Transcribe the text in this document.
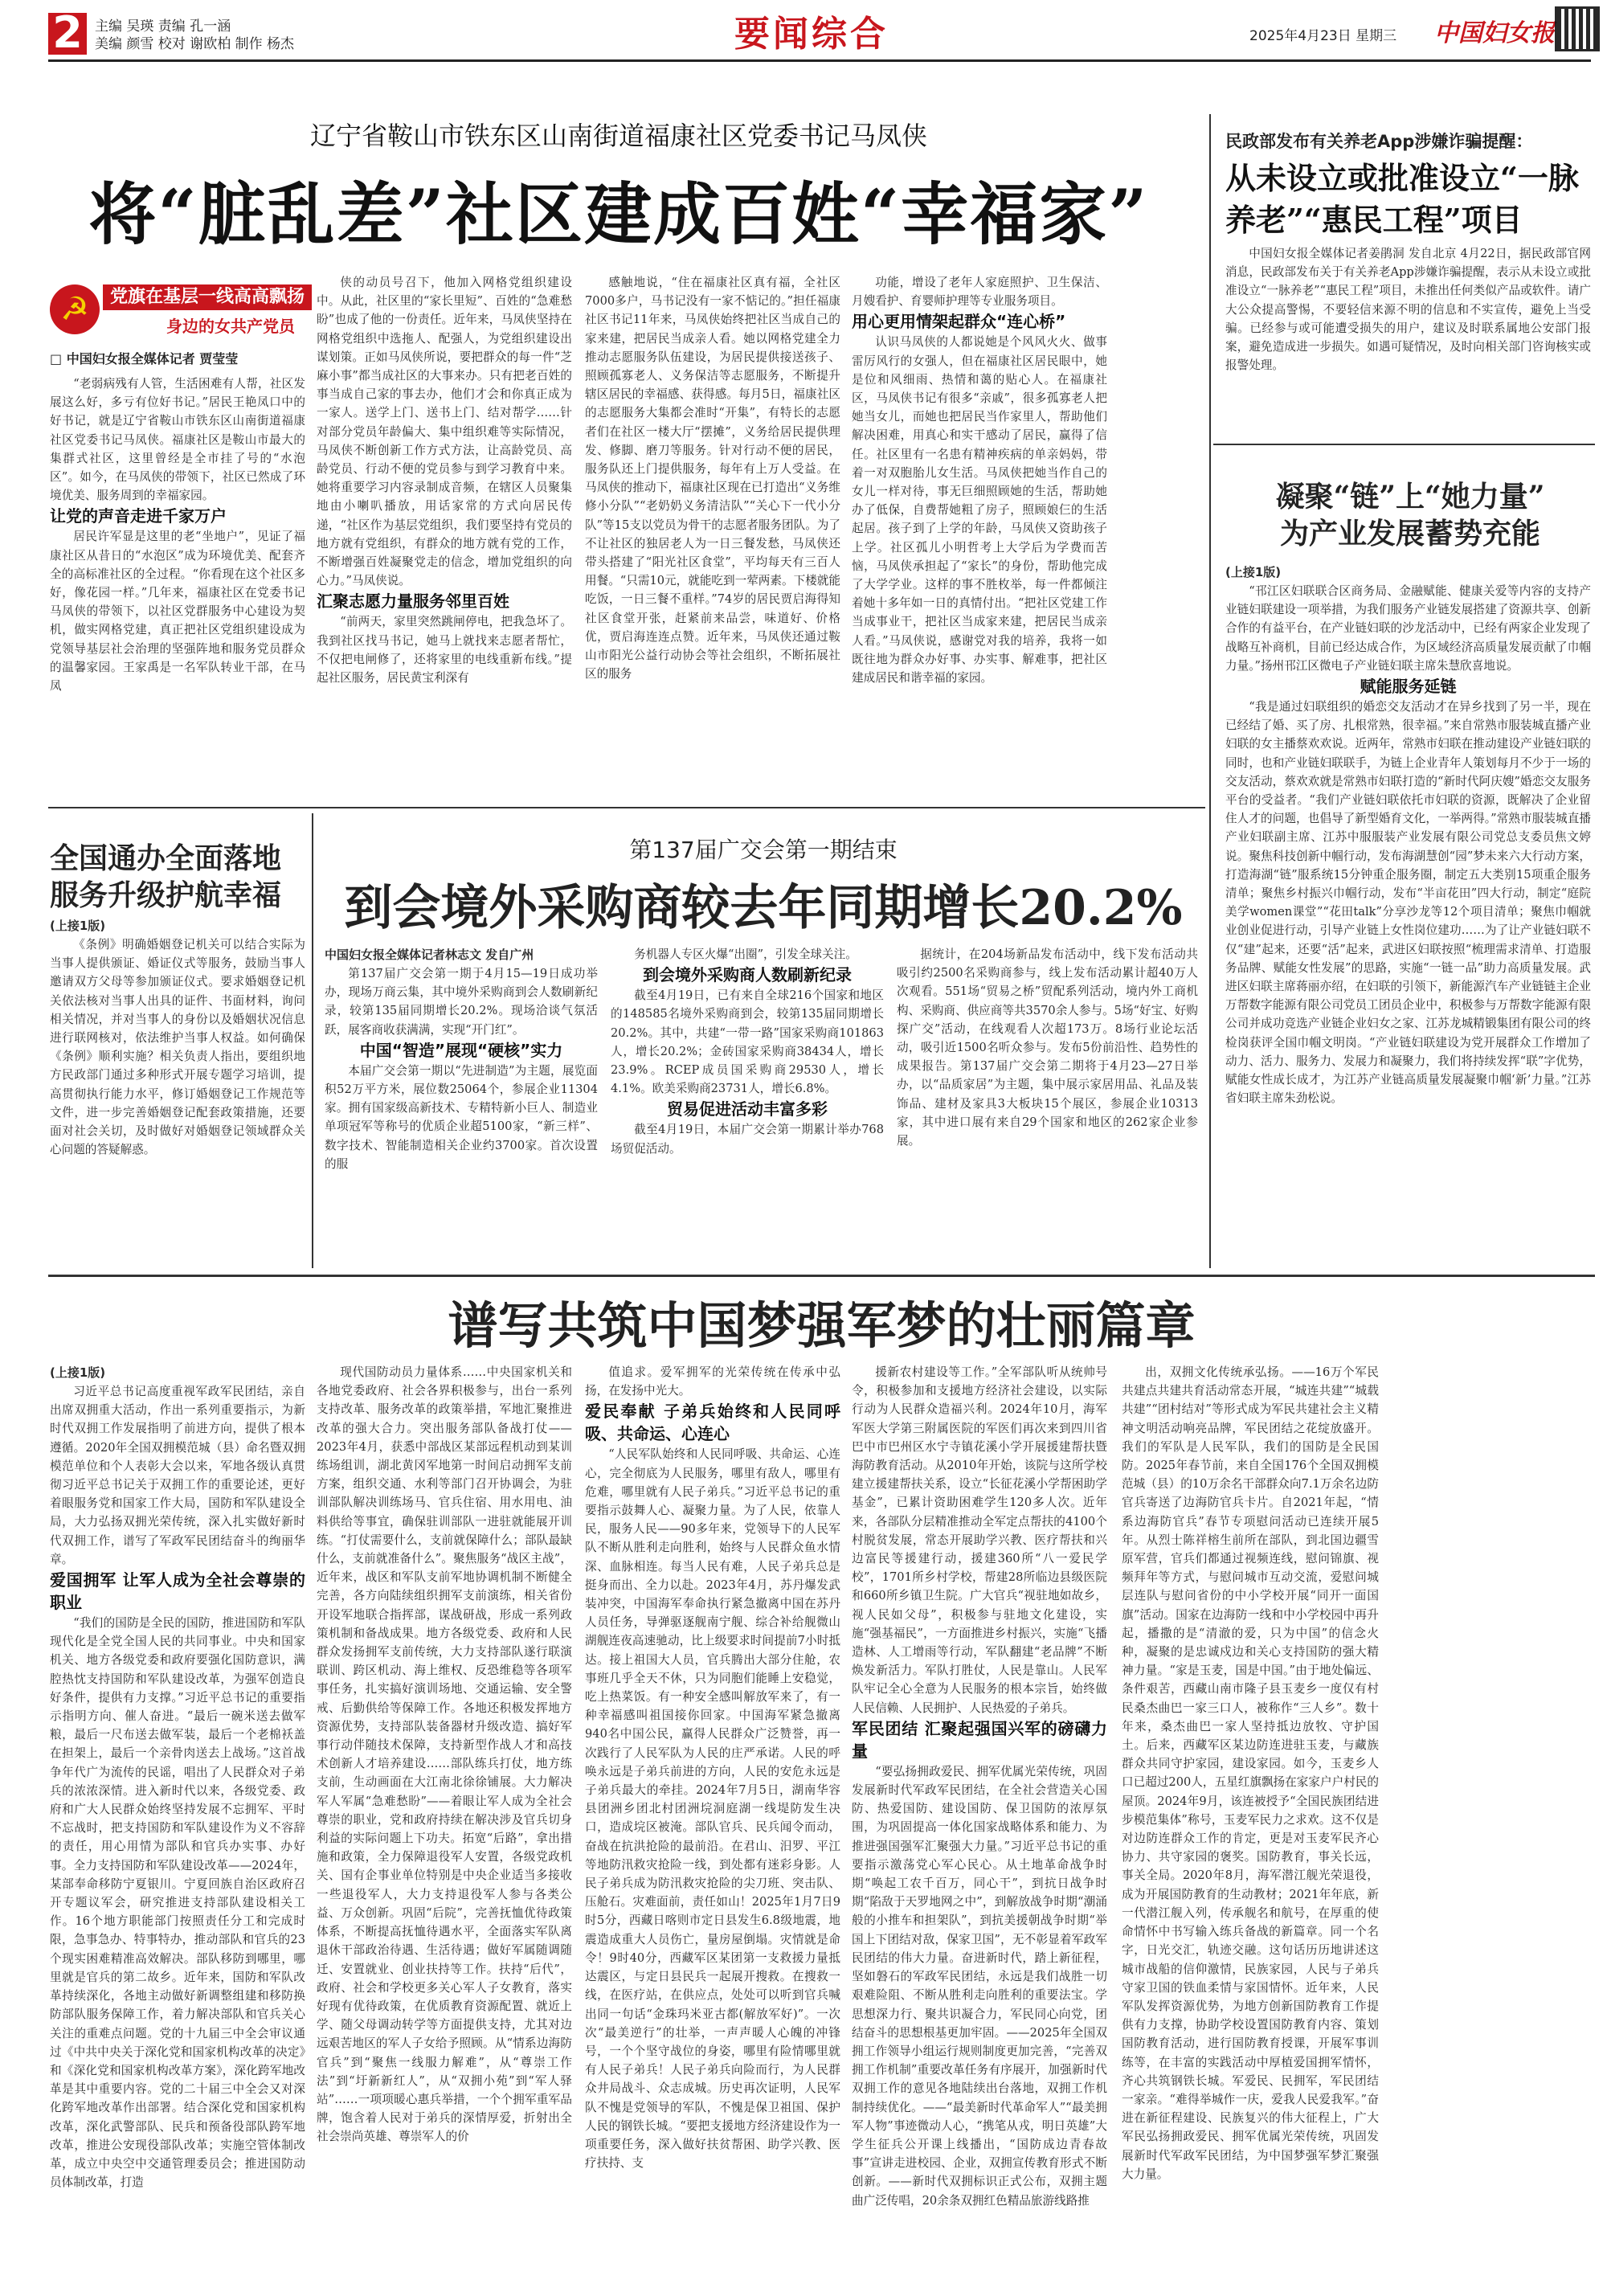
2 主编 吴瑛 责编 孔一涵
美编 颜雪 校对 谢欧柏 制作 杨杰	要闻综合	2025年4月23日 星期三	中国妇女报
辽宁省鞍山市铁东区山南街道福康社区党委书记马凤侠
将“脏乱差”社区建成百姓“幸福家”
☭	党旗在基层一线高高飘扬
身边的女共产党员
□ 中国妇女报全媒体记者 贾莹莹

“老弱病残有人管，生活困难有人帮，社区发展这么好，多亏有位好书记。”居民王艳凤口中的好书记，就是辽宁省鞍山市铁东区山南街道福康社区党委书记马凤侠。福康社区是鞍山市最大的集群式社区，这里曾经是全市挂了号的“水泡区”。如今，在马凤侠的带领下，社区已然成了环境优美、服务周到的幸福家园。

让党的声音走进千家万户

居民许军显是这里的老“坐地户”，见证了福康社区从昔日的“水泡区”成为环境优美、配套齐全的高标准社区的全过程。“你看现在这个社区多好，像花园一样。”几年来，福康社区在党委书记马凤侠的带领下，以社区党群服务中心建设为契机，做实网格党建，真正把社区党组织建设成为党领导基层社会治理的坚强阵地和服务党员群众的温馨家园。王家禹是一名军队转业干部，在马凤

侠的动员号召下，他加入网格党组织建设中。从此，社区里的“家长里短”、百姓的“急难愁盼”也成了他的一份责任。近年来，马凤侠坚持在网格党组织中选拖人、配强人，为党组织建设出谋划策。正如马凤侠所说，要把群众的每一件“芝麻小事”都当成社区的大事来办。只有把老百姓的事当成自己家的事去办，他们才会和你真正成为一家人。送学上门、送书上门、结对帮学……针对部分党员年龄偏大、集中组织难等实际情况，马凤侠不断创新工作方式方法，让高龄党员、高龄党员、行动不便的党员参与到学习教育中来。她将重要学习内容录制成音频，在辖区人员聚集地由小喇叭播放，用话家常的方式向居民传递，“社区作为基层党组织，我们要坚持有党员的地方就有党组织，有群众的地方就有党的工作，不断增强百姓凝聚党走的信念，增加党组织的向心力。”马凤侠说。

汇聚志愿力量服务邻里百姓

“前两天，家里突然跳闸停电，把我急坏了。我到社区找马书记，她马上就找来志愿者帮忙，不仅把电闸修了，还将家里的电线重新布线。”提起社区服务，居民黄宝利深有

感触地说，“住在福康社区真有福，全社区7000多户，马书记没有一家不惦记的。”担任福康社区书记11年来，马凤侠始终把社区当成自己的家来建，把居民当成亲人看。她以网格党建全力推动志愿服务队伍建设，为居民提供接送孩子、照顾孤寡老人、义务保洁等志愿服务，不断提升辖区居民的幸福感、获得感。每月5日，福康社区的志愿服务大集都会准时“开集”，有特长的志愿者们在社区一楼大厅“摆摊”，义务给居民提供理发、修脚、磨刀等服务。针对行动不便的居民，服务队还上门提供服务，每年有上万人受益。在马凤侠的推动下，福康社区现在已打造出“义务维修小分队”“老奶奶义务清洁队”“关心下一代小分队”等15支以党员为骨干的志愿者服务团队。为了不让社区的独居老人为一日三餐发愁，马凤侠还带头搭建了“阳光社区食堂”，平均每天有三百人用餐。“只需10元，就能吃到一荤两素。下楼就能吃饭，一日三餐不重样。”74岁的居民贾启海得知社区食堂开张，赶紧前来品尝，味道好、价格优，贾启海连连点赞。近年来，马凤侠还通过鞍山市阳光公益行动协会等社会组织，不断拓展社区的服务

功能，增设了老年人家庭照护、卫生保洁、月嫂看护、育婴师护理等专业服务项目。

用心更用情架起群众“连心桥”

认识马凤侠的人都说她是个风风火火、做事雷厉风行的女强人，但在福康社区居民眼中，她是位和风细雨、热情和蔼的贴心人。在福康社区，马凤侠书记有很多“亲戚”，很多孤寡老人把她当女儿，而她也把居民当作家里人，帮助他们解决困难，用真心和实干感动了居民，赢得了信任。社区里有一名患有精神疾病的单亲妈妈，带着一对双胞胎儿女生活。马凤侠把她当作自己的女儿一样对待，事无巨细照顾她的生活，帮助她办了低保，自费帮她粗了房子，照顾娘仨的生活起居。孩子到了上学的年龄，马凤侠又资助孩子上学。社区孤儿小明哲考上大学后为学费而苦恼，马凤侠承担起了“家长”的身份，帮助他完成了大学学业。这样的事不胜枚举，每一件都倾注着她十多年如一日的真情付出。“把社区党建工作当成事业干，把社区当成家来建，把居民当成亲人看。”马凤侠说，感谢党对我的培养，我将一如既往地为群众办好事、办实事、解难事，把社区建成居民和谐幸福的家园。

民政部发布有关养老App涉嫌诈骗提醒：
从未设立或批准设立“一脉养老”“惠民工程”项目

中国妇女报全媒体记者姜鹃洞 发自北京 4月22日，据民政部官网消息，民政部发布关于有关养老App涉嫌诈骗提醒，表示从未设立或批准设立“一脉养老”“惠民工程”项目，未推出任何类似产品或软件。请广大公众提高警惕，不要轻信来源不明的信息和不实宣传，避免上当受骗。已经参与或可能遭受损失的用户，建议及时联系属地公安部门报案，避免造成进一步损失。如遇可疑情况，及时向相关部门咨询核实或报警处理。

凝聚“链”上“她力量”
为产业发展蓄势充能

(上接1版)

“邗江区妇联联合区商务局、金融赋能、健康关爱等内容的支持产业链妇联建设一项举措，为我们服务产业链发展搭建了资源共享、创新合作的有益平台，在产业链妇联的沙龙活动中，已经有两家企业发现了战略互补商机，目前已经达成合作，为区域经济高质量发展贡献了巾帼力量。”扬州邗江区微电子产业链妇联主席朱慧欣喜地说。

赋能服务延链

“我是通过妇联组织的婚恋交友活动才在异乡找到了另一半，现在已经结了婚、买了房、扎根常熟，很幸福。”来自常熟市服装城直播产业妇联的女主播蔡欢欢说。近两年，常熟市妇联在推动建设产业链妇联的同时，也和产业链妇联联手，为链上企业青年人策划每月不少于一场的交友活动，蔡欢欢就是常熟市妇联打造的“新时代阿庆嫂”婚恋交友服务平台的受益者。“我们产业链妇联依托市妇联的资源，既解决了企业留住人才的问题，也倡导了新型婚育文化，一举两得。”常熟市服装城直播产业妇联副主席、江苏中服服装产业发展有限公司党总支委员焦文婷说。聚焦科技创新中帼行动，发布海湖慧创“园”梦未来六大行动方案，打造海湖“链”服系统15分钟重企服务圈，制定五大类别15项重企服务清单；聚焦乡村振兴巾帼行动，发布“半亩花田”四大行动，制定“庭院美学women课堂”“花田talk”分享沙龙等12个项目清单；聚焦巾帼就业创业促进行动，引导产业链上女性岗位建功……为了让产业链妇联不仅“建”起来，还要“活”起来，武进区妇联按照“梳理需求清单、打造服务品牌、赋能女性发展”的思路，实施“一链一品”助力高质量发展。武进区妇联主席蒋丽亦绍，在妇联的引领下，新能源汽车产业链链主企业万帮数字能源有限公司党员工团员企业中，积极参与万帮数字能源有限公司并成功竞选产业链企业妇女之家、江苏龙城精锻集团有限公司的终检岗获评全国巾帼文明岗。“产业链妇联建设为党开展群众工作增加了动力、活力、服务力、发展力和凝聚力，我们将持续发挥“联”字优势，赋能女性成长成才，为江苏产业链高质量发展凝聚巾帼‘新’力量。”江苏省妇联主席朱劲松说。

全国通办全面落地
服务升级护航幸福

(上接1版)

《条例》明确婚姻登记机关可以结合实际为当事人提供颁证、婚证仪式等服务，鼓励当事人邀请双方父母等参加颁证仪式。要求婚姻登记机关依法核对当事人出具的证件、书面材料，询问相关情况，并对当事人的身份以及婚姻状况信息进行联网核对，依法维护当事人权益。如何确保《条例》顺利实施？相关负责人指出，要组织地方民政部门通过多种形式开展专题学习培训，提高贯彻执行能力水平，修订婚姻登记工作规范等文件，进一步完善婚姻登记配套政策措施，还要面对社会关切，及时做好对婚姻登记领域群众关心问题的答疑解惑。

第137届广交会第一期结束
到会境外采购商较去年同期增长20.2%

中国妇女报全媒体记者林志文 发自广州

第137届广交会第一期于4月15—19日成功举办，现场万商云集，其中境外采购商到会人数刷新纪录，较第135届同期增长20.2%。现场洽谈气氛活跃，展客商收获满满，实现“开门红”。

中国“智造”展现“硬核”实力

本届广交会第一期以“先进制造”为主题，展览面积52万平方米，展位数25064个，参展企业11304家。拥有国家级高新技术、专精特新小巨人、制造业单项冠军等称号的优质企业超5100家，“新三样”、数字技术、智能制造相关企业约3700家。首次设置的服

务机器人专区火爆“出圈”，引发全球关注。

到会境外采购商人数刷新纪录

截至4月19日，已有来自全球216个国家和地区的148585名境外采购商到会，较第135届同期增长20.2%。其中，共建“一带一路”国家采购商101863人，增长20.2%；金砖国家采购商38434人，增长23.9%。RCEP成员国采购商29530人，增长4.1%。欧美采购商23731人，增长6.8%。

贸易促进活动丰富多彩

截至4月19日，本届广交会第一期累计举办768场贸促活动。

据统计，在204场新品发布活动中，线下发布活动共吸引约2500名采购商参与，线上发布活动累计超40万人次观看。551场“贸易之桥”贸配系列活动，境内外工商机构、采购商、供应商等共3570余人参与。5场“好宝、好购探广交”活动，在线观看人次超173万。8场行业论坛活动，吸引近1500名听众参与。发布5份前沿性、趋势性的成果报告。第137届广交会第二期将于4月23—27日举办，以“品质家居”为主题，集中展示家居用品、礼品及装饰品、建材及家具3大板块15个展区，参展企业10313家，其中进口展有来自29个国家和地区的262家企业参展。

谱写共筑中国梦强军梦的壮丽篇章

(上接1版)

习近平总书记高度重视军政军民团结，亲自出席双拥重大活动，作出一系列重要指示，为新时代双拥工作发展指明了前进方向，提供了根本遵循。2020年全国双拥模范城（县）命名暨双拥模范单位和个人表彰大会以来，军地各级认真贯彻习近平总书记关于双拥工作的重要论述，更好着眼服务党和国家工作大局，国防和军队建设全局，大力弘扬双拥光荣传统，深入扎实做好新时代双拥工作，谱写了军政军民团结奋斗的绚丽华章。

爱国拥军 让军人成为全社会尊崇的职业

“我们的国防是全民的国防，推进国防和军队现代化是全党全国人民的共同事业。中央和国家机关、地方各级党委和政府要强化国防意识，满腔热忱支持国防和军队建设改革，为强军创造良好条件，提供有力支撑。”习近平总书记的重要指示指明方向、催人奋进。“最后一碗米送去做军粮，最后一尺布送去做军装，最后一个老棉袄盖在担架上，最后一个亲骨肉送去上战场。”这首战争年代广为流传的民谣，唱出了人民群众对子弟兵的浓浓深情。进入新时代以来，各级党委、政府和广大人民群众始终坚持发展不忘拥军、平时不忘战时，把支持国防和军队建设作为义不容辞的责任，用心用情为部队和官兵办实事、办好事。全力支持国防和军队建设改革——2024年，某部奉命移防宁夏银川。宁夏回族自治区政府召开专题议军会，研究推进支持部队建设相关工作。16个地方职能部门按照责任分工和完成时限，急事急办、特事特办，推动部队和官兵的23个现实困难精准高效解决。部队移防到哪里，哪里就是官兵的第二故乡。近年来，国防和军队改革持续深化，各地主动做好新调整组建和移防换防部队服务保障工作，着力解决部队和官兵关心关注的重难点问题。党的十九届三中全会审议通过《中共中央关于深化党和国家机构改革的决定》和《深化党和国家机构改革方案》，深化跨军地改革是其中重要内容。党的二十届三中全会又对深化跨军地改革作出部署。结合深化党和国家机构改革，深化武警部队、民兵和预备役部队跨军地改革，推进公安现役部队改革；实施空管体制改革，成立中央空中交通管理委员会；推进国防动员体制改革，打造

现代国防动员力量体系……中央国家机关和各地党委政府、社会各界积极参与，出台一系列支持改革、服务改革的政策举措，军地汇聚推进改革的强大合力。突出服务部队备战打仗——2023年4月，获悉中部战区某部远程机动到某训练场组训，湖北黄冈军地第一时间启动拥军支前方案，组织交通、水利等部门召开协调会，为驻训部队解决训练场马、官兵住宿、用水用电、油料供给等事宜，确保驻训部队一进驻就能展开训练。“打仗需要什么，支前就保障什么；部队最缺什么，支前就准备什么”。聚焦服务“战区主战”，近年来，战区和军队支前军地协调机制不断健全完善，各方向陆续组织拥军支前演练，相关省份开设军地联合指挥部，谋战研战，形成一系列政策机制和备战成果。地方各级党委、政府和人民群众发扬拥军支前传统，大力支持部队遂行联演联训、跨区机动、海上维权、反恐维稳等各项军事任务，扎实搞好演训场地、交通运输、安全警戒、后勤供给等保障工作。各地还积极发挥地方资源优势，支持部队装备器材升级改造、搞好军事行动伴随技术保障，支持新型作战人才和高技术创新人才培养建设……部队练兵打仗，地方练支前，生动画面在大江南北徐徐铺展。大力解决军人军属“急难愁盼”——着眼让军人成为全社会尊崇的职业，党和政府持续在解决涉及官兵切身利益的实际问题上下功夫。拓宽“后路”，拿出措施和政策，全力保障退役军人安置，各级党政机关、国有企事业单位特别是中央企业适当多接收一些退役军人，大力支持退役军人参与各类公益、万众创新。巩固“后院”，完善抚恤优待政策体系，不断提高抚恤待遇水平，全面落实军队离退休干部政治待遇、生活待遇；做好军属随调随迁、安置就业、创业扶持等工作。扶持“后代”，政府、社会和学校更多关心军人子女教育，落实好现有优待政策，在优质教育资源配置、就近上学、随父母调动转学等方面提供支持，尤其对边远艰苦地区的军人子女给予照顾。从“情系边海防官兵”到“聚焦一线服力解难”，从“尊崇工作法”到“圩新新红人”，从“双拥小苑”到“军人驿站”……一项项暖心惠兵举措，一个个拥军重军品牌，饱含着人民对于弟兵的深情厚爱，折射出全社会崇尚英雄、尊崇军人的价

值追求。爱军拥军的光荣传统在传承中弘扬，在发扬中光大。

爱民奉献 子弟兵始终和人民同呼吸、共命运、心连心

“人民军队始终和人民同呼吸、共命运、心连心，完全彻底为人民服务，哪里有敌人，哪里有危难，哪里就有人民子弟兵。”习近平总书记的重要指示鼓舞人心、凝聚力量。为了人民，依靠人民，服务人民——90多年来，党领导下的人民军队不断从胜利走向胜利，始终与人民群众鱼水情深、血脉相连。每当人民有难，人民子弟兵总是挺身而出、全力以赴。2023年4月，苏丹爆发武装冲突，中国海军奉命执行紧急撤离中国在苏丹人员任务，导弹驱逐舰南宁舰、综合补给舰微山湖舰连夜高速驰动，比上级要求时间提前7小时抵达。接上祖国大人员，官兵腾出大部分住舱，农事班几乎全天不休，只为同胞们能睡上安稳觉，吃上热菜饭。有一种安全感叫解放军来了，有一种幸福感叫祖国接你回家。中国海军紧急撤离940名中国公民，赢得人民群众广泛赞誉，再一次践行了人民军队为人民的庄严承诺。人民的呼唤永远是子弟兵前进的方向，人民的安危永远是子弟兵最大的牵挂。2024年7月5日，湖南华容县团洲乡团北村团洲垸洞庭湖一线堤防发生决口，造成垸区被淹。部队官兵、民兵闻令而动，奋战在抗洪抢险的最前沿。在君山、汨罗、平江等地防汛救灾抢险一线，到处都有迷彩身影。人民子弟兵成为防汛救灾抢险的尖刀班、突击队、压舱石。灾难面前，责任如山！2025年1月7日9时5分，西藏日喀则市定日县发生6.8级地震，地震造成重大人员伤亡，量房屋倒塌。灾情就是命令！9时40分，西藏军区某团第一支救援力量抵达震区，与定日县民兵一起展开搜救。在搜救一线，在医疗站，在供应点，处处可以听到官兵喊出同一句话“金珠玛米亚古都(解放军好)”。一次次“最美逆行”的壮举，一声声暖人心魄的冲锋号，一个个坚守战位的身姿，哪里有险情哪里就有人民子弟兵！人民子弟兵向险而行，为人民群众井局战斗、众志成城。历史再次证明，人民军队不愧是党领导的军队，不愧是保卫祖国、保护人民的钢铁长城。“要把支援地方经济建设作为一项重要任务，深入做好扶贫帮困、助学兴教、医疗扶持、支

援新农村建设等工作。”全军部队听从统帅号令，积极参加和支援地方经济社会建设，以实际行动为人民群众造福兴利。2024年10月，海军军医大学第三附属医院的军医们再次来到四川省巴中市巴州区水宁寺镇花溪小学开展援建帮扶暨海防教育活动。从2010年开始，该院与这所学校建立援建帮扶关系，设立“长征花溪小学帮困助学基金”，已累计资助困难学生120多人次。近年来，各部队分层精准推动全军定点帮扶的4100个村脱贫发展，常态开展助学兴教、医疗帮扶和兴边富民等援建行动，援建360所“八一爱民学校”，1701所乡村学校，帮建28所临边县级医院和660所乡镇卫生院。广大官兵“视驻地如故乡，视人民如父母”，积极参与驻地文化建设，实施“强基福民”，一方面推进乡村振兴，实施“飞播造林、人工增雨等行动，军队翻建“老品牌”不断焕发新活力。军队打胜仗，人民是靠山。人民军队牢记全心全意为人民服务的根本宗旨，始终做人民信赖、人民拥护、人民热爱的子弟兵。

军民团结 汇聚起强国兴军的磅礴力量

“要弘扬拥政爱民、拥军优属光荣传统，巩固发展新时代军政军民团结，在全社会营造关心国防、热爱国防、建设国防、保卫国防的浓厚氛围，为巩固提高一体化国家战略体系和能力、为推进强国强军汇聚强大力量。”习近平总书记的重要指示激荡党心军心民心。从土地革命战争时期“唤起工农千百万，同心干”，到抗日战争时期“陷敌于天罗地网之中”，到解放战争时期“潮涌般的小推车和担架队”，到抗美援朝战争时期“举国上下团结对敌，保家卫国”，无不彰显着军政军民团结的伟大力量。奋进新时代，踏上新征程，坚如磐石的军政军民团结，永远是我们战胜一切艰难险阻、不断从胜利走向胜利的重要法宝。学思想深力行、聚共识凝合力，军民同心向党，团结奋斗的思想根基更加牢固。——2025年全国双拥工作领导小组运行规则制度更加完善，“完善双拥工作机制”重要改革任务有序展开，加强新时代双拥工作的意见各地陆续出台落地，双拥工作机制持续优化。——“最美新时代革命军人”“最美拥军人物”事迹微动人心，“携笔从戎，明日英雄”大学生征兵公开课上线播出，“国防成边青春故事”宣讲走进校园、企业，双拥宣传教育形式不断创新。——新时代双拥标识正式公布，双拥主题曲广泛传唱，20余条双拥红色精品旅游线路推

出，双拥文化传统承弘扬。——16万个军民共建点共建共育活动常态开展，“城连共建”“城载共建”“团村结对”等形式成为军民共建社会主义精神文明活动响亮品牌，军民团结之花绽放盛开。我们的军队是人民军队，我们的国防是全民国防。2025年春节前，来自全国176个全国双拥模范城（县）的10万余名干部群众向7.1万余名边防官兵寄送了边海防官兵卡片。自2021年起，“情系边海防官兵”春节专项慰问活动已连续开展5年。从烈士陈祥榕生前所在部队，到北国边疆雪原军营，官兵们都通过视频连线，慰问锦旗、视频拜年等方式，与慰问城市互动交流，爱慰问城层连队与慰问省份的中小学校开展“同开一面国旗”活动。国家在边海防一线和中小学校园中再升起，播撒的是“清澈的爱，只为中国”的信念火种，凝聚的是忠诚戍边和关心支持国防的强大精神力量。“家是玉麦，国是中国。”由于地处偏远、条件艰苦，西藏山南市隆子县玉麦乡一度仅有村民桑杰曲巴一家三口人，被称作“三人乡”。数十年来，桑杰曲巴一家人坚持抵边放牧、守护国土。后来，西藏军区某边防连进驻玉麦，与藏族群众共同守护家园，建设家园。如今，玉麦乡人口已超过200人，五星红旗飘扬在家家户户村民的屋顶。2024年9月，该连被授予“全国民族团结进步模范集体”称号，玉麦军民力之求欢。这不仅是对边防连群众工作的肯定，更是对玉麦军民齐心协力、共守家园的褒奖。国防教育，事关长远，事关全局。2020年8月，海军潜江舰光荣退役，成为开展国防教育的生动教材；2021年年底，新一代潜江舰入列，传承舰名和航号，在厚重的使命情怀中书写输入练兵备战的新篇章。同一个名字，日光交汇，轨迹交融。这句话历历地讲述这城市战船的信仰激情，民族家园，人民与子弟兵守家卫国的铁血柔情与家国情怀。近年来，人民军队发挥资源优势，为地方创新国防教育工作提供有力支撑，协助学校设置国防教育内容、策划国防教育活动，进行国防教育授课，开展军事训练等，在丰富的实践活动中厚植爱国拥军情怀，齐心共筑钢铁长城。军爱民、民拥军，军民团结一家亲。“难得举城作一庆，爱我人民爱我军。”奋进在新征程建设、民族复兴的伟大征程上，广大军民弘扬拥政爱民、拥军优属光荣传统，巩固发展新时代军政军民团结，为中国梦强军梦汇聚强大力量。
